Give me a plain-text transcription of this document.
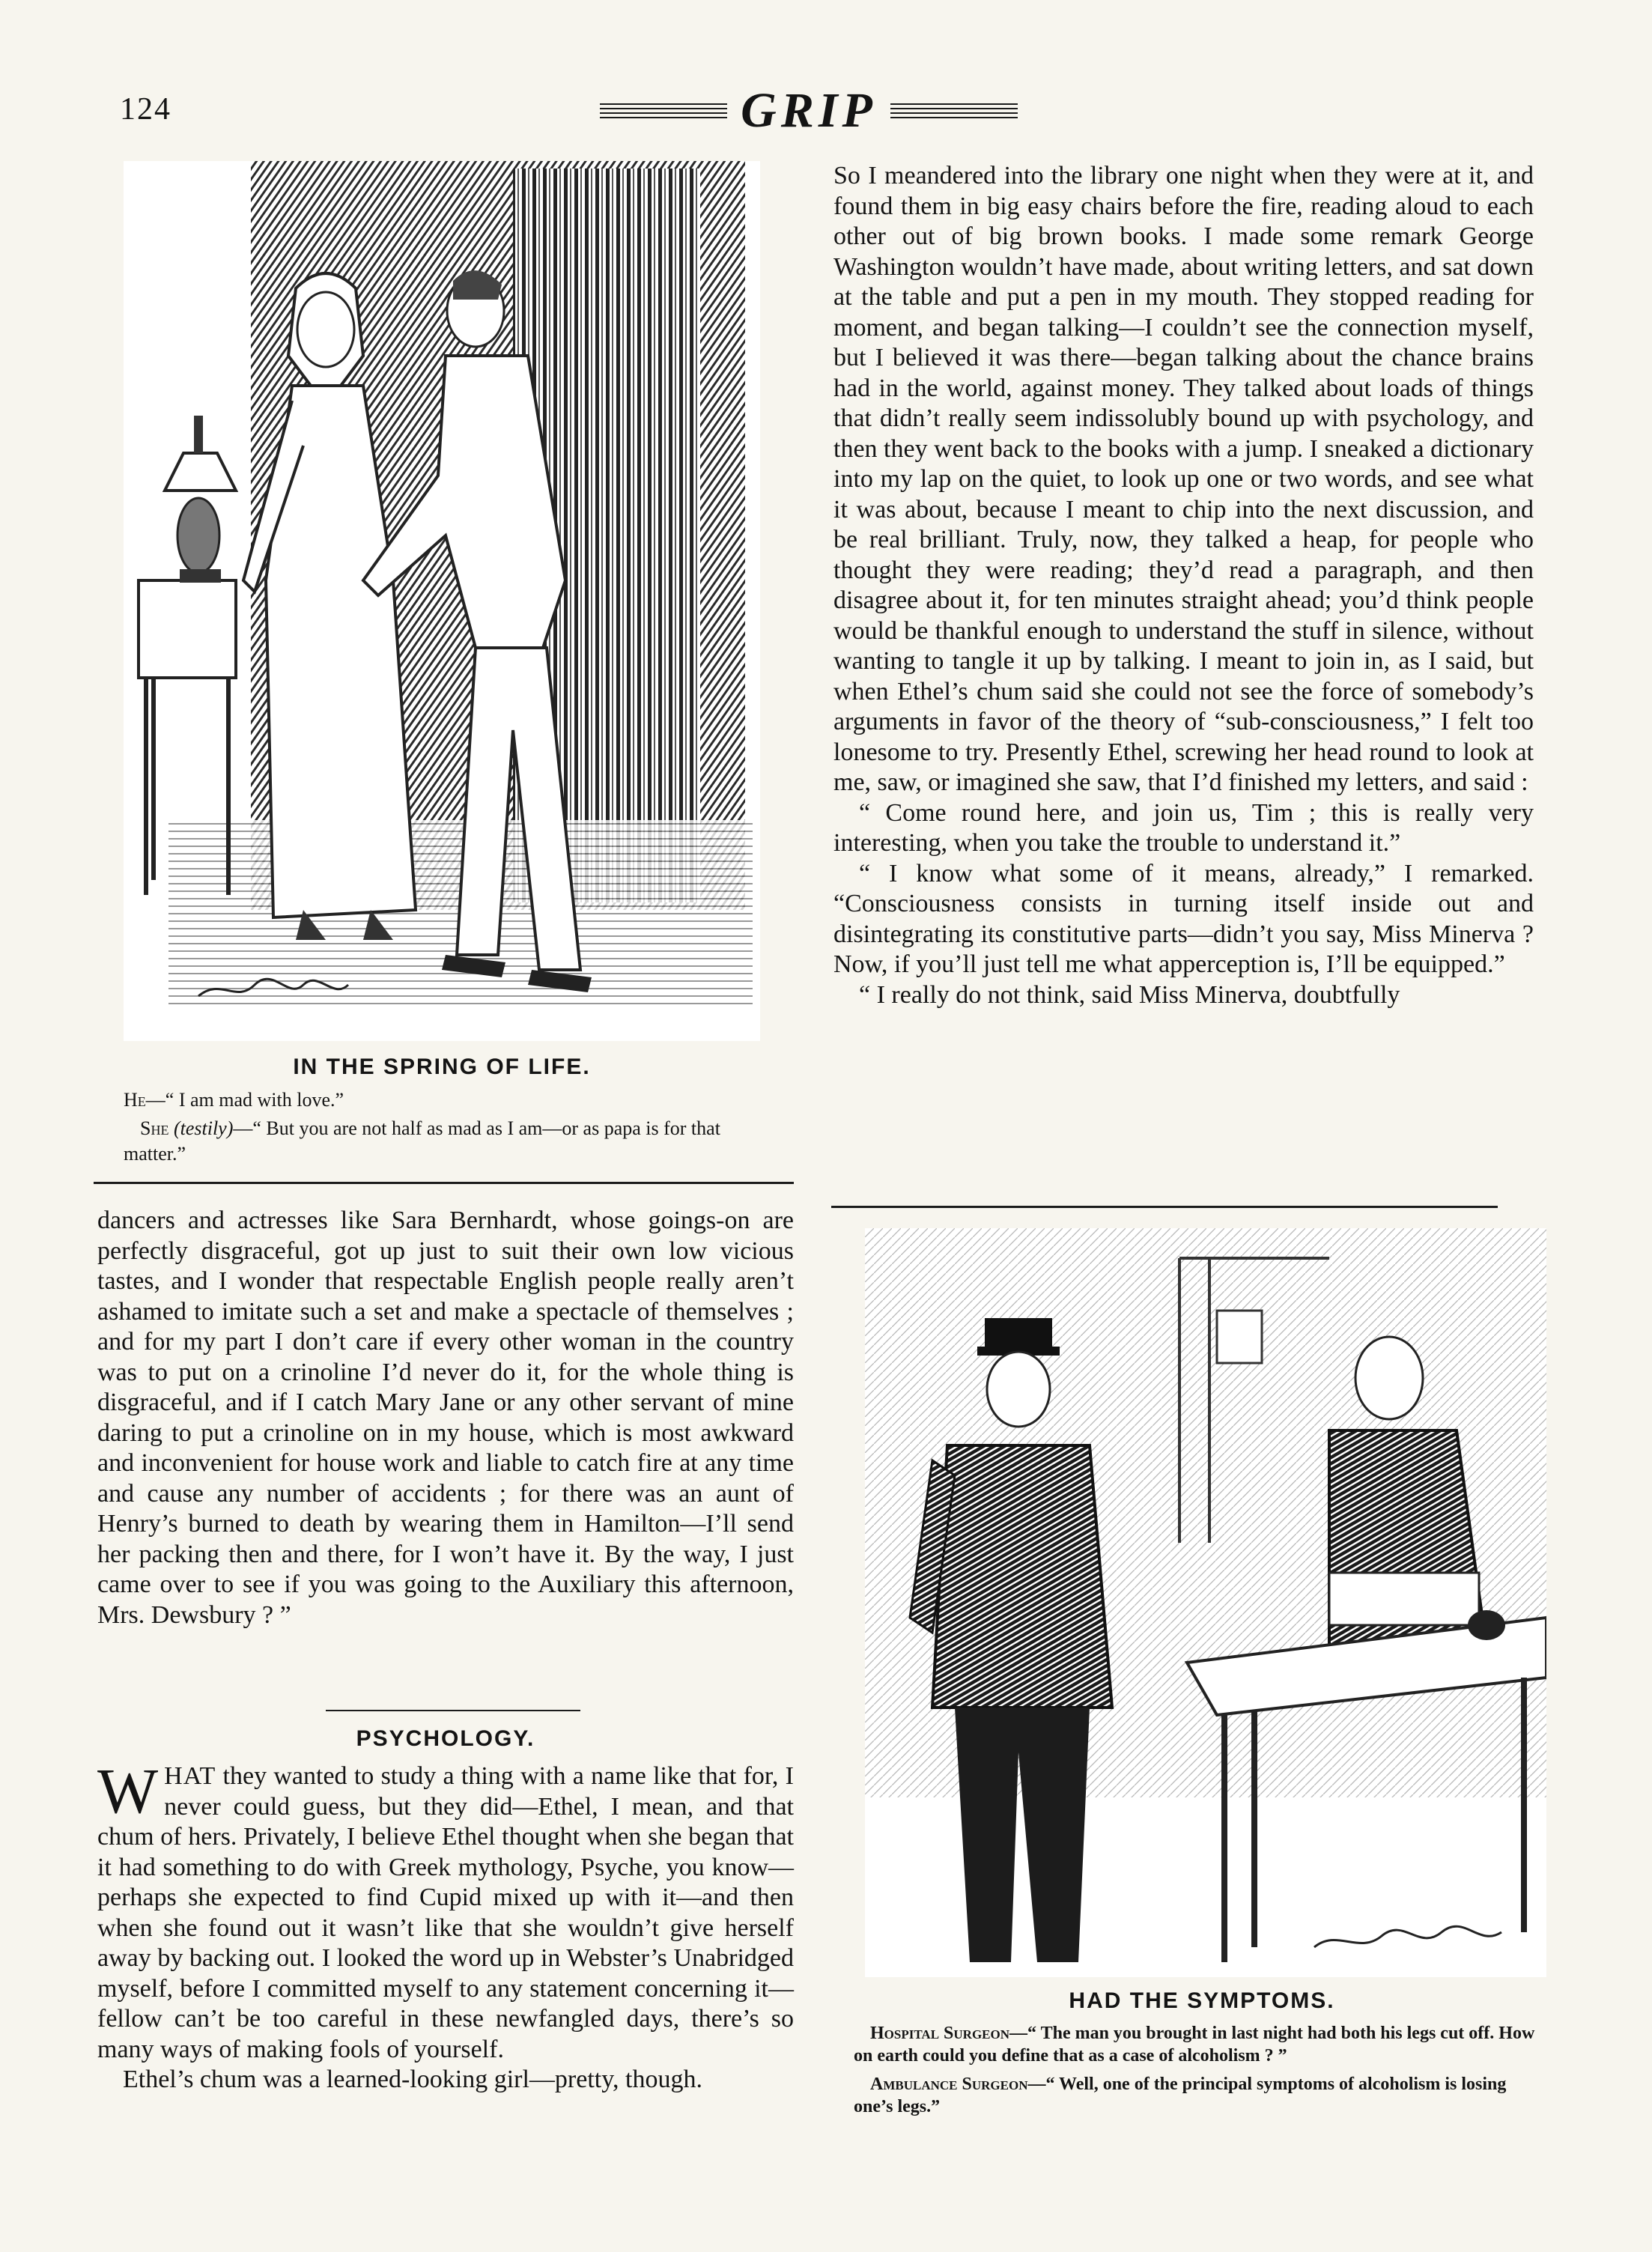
124	GRIP
IN THE SPRING OF LIFE.
He—“ I am mad with love.”
She (testily)—“ But you are not half as mad as I am—or as papa is for that matter.”

So I meandered into the library one night when they were at it, and found them in big easy chairs before the fire, reading aloud to each other out of big brown books. I made some remark George Washington wouldn’t have made, about writing letters, and sat down at the table and put a pen in my mouth. They stopped reading for moment, and began talking—I couldn’t see the connection myself, but I believed it was there—began talking about the chance brains had in the world, against money. They talked about loads of things that didn’t really seem indissolubly bound up with psychology, and then they went back to the books with a jump. I sneaked a dictionary into my lap on the quiet, to look up one or two words, and see what it was about, because I meant to chip into the next discussion, and be real brilliant. Truly, now, they talked a heap, for people who thought they were reading; they’d read a paragraph, and then disagree about it, for ten minutes straight ahead; you’d think people would be thankful enough to understand the stuff in silence, without wanting to tangle it up by talking. I meant to join in, as I said, but when Ethel’s chum said she could not see the force of somebody’s arguments in favor of the theory of “sub-consciousness,” I felt too lonesome to try. Presently Ethel, screwing her head round to look at me, saw, or imagined she saw, that I’d finished my letters, and said :

“ Come round here, and join us, Tim ; this is really very interesting, when you take the trouble to understand it.”

“ I know what some of it means, already,” I remarked. “Consciousness consists in turning itself inside out and disintegrating its constitutive parts—didn’t you say, Miss Minerva ? Now, if you’ll just tell me what apperception is, I’ll be equipped.”

“ I really do not think, said Miss Minerva, doubtfully

dancers and actresses like Sara Bernhardt, whose goings-on are perfectly disgraceful, got up just to suit their own low vicious tastes, and I wonder that respectable English people really aren’t ashamed to imitate such a set and make a spectacle of themselves ; and for my part I don’t care if every other woman in the country was to put on a crinoline I’d never do it, for the whole thing is disgraceful, and if I catch Mary Jane or any other servant of mine daring to put a crinoline on in my house, which is most awkward and inconvenient for house work and liable to catch fire at any time and cause any number of accidents ; for there was an aunt of Henry’s burned to death by wearing them in Hamilton—I’ll send her packing then and there, for I won’t have it. By the way, I just came over to see if you was going to the Auxiliary this afternoon, Mrs. Dewsbury ? ”

PSYCHOLOGY.

WHAT they wanted to study a thing with a name like that for, I never could guess, but they did—Ethel, I mean, and that chum of hers. Privately, I believe Ethel thought when she began that it had something to do with Greek mythology, Psyche, you know—perhaps she expected to find Cupid mixed up with it—and then when she found out it wasn’t like that she wouldn’t give herself away by backing out. I looked the word up in Webster’s Unabridged myself, before I committed myself to any statement concerning it—fellow can’t be too careful in these newfangled days, there’s so many ways of making fools of yourself.

Ethel’s chum was a learned-looking girl—pretty, though.

HAD THE SYMPTOMS.
Hospital Surgeon—“ The man you brought in last night had both his legs cut off. How on earth could you define that as a case of alcoholism ? ”
Ambulance Surgeon—“ Well, one of the principal symptoms of alcoholism is losing one’s legs.”
